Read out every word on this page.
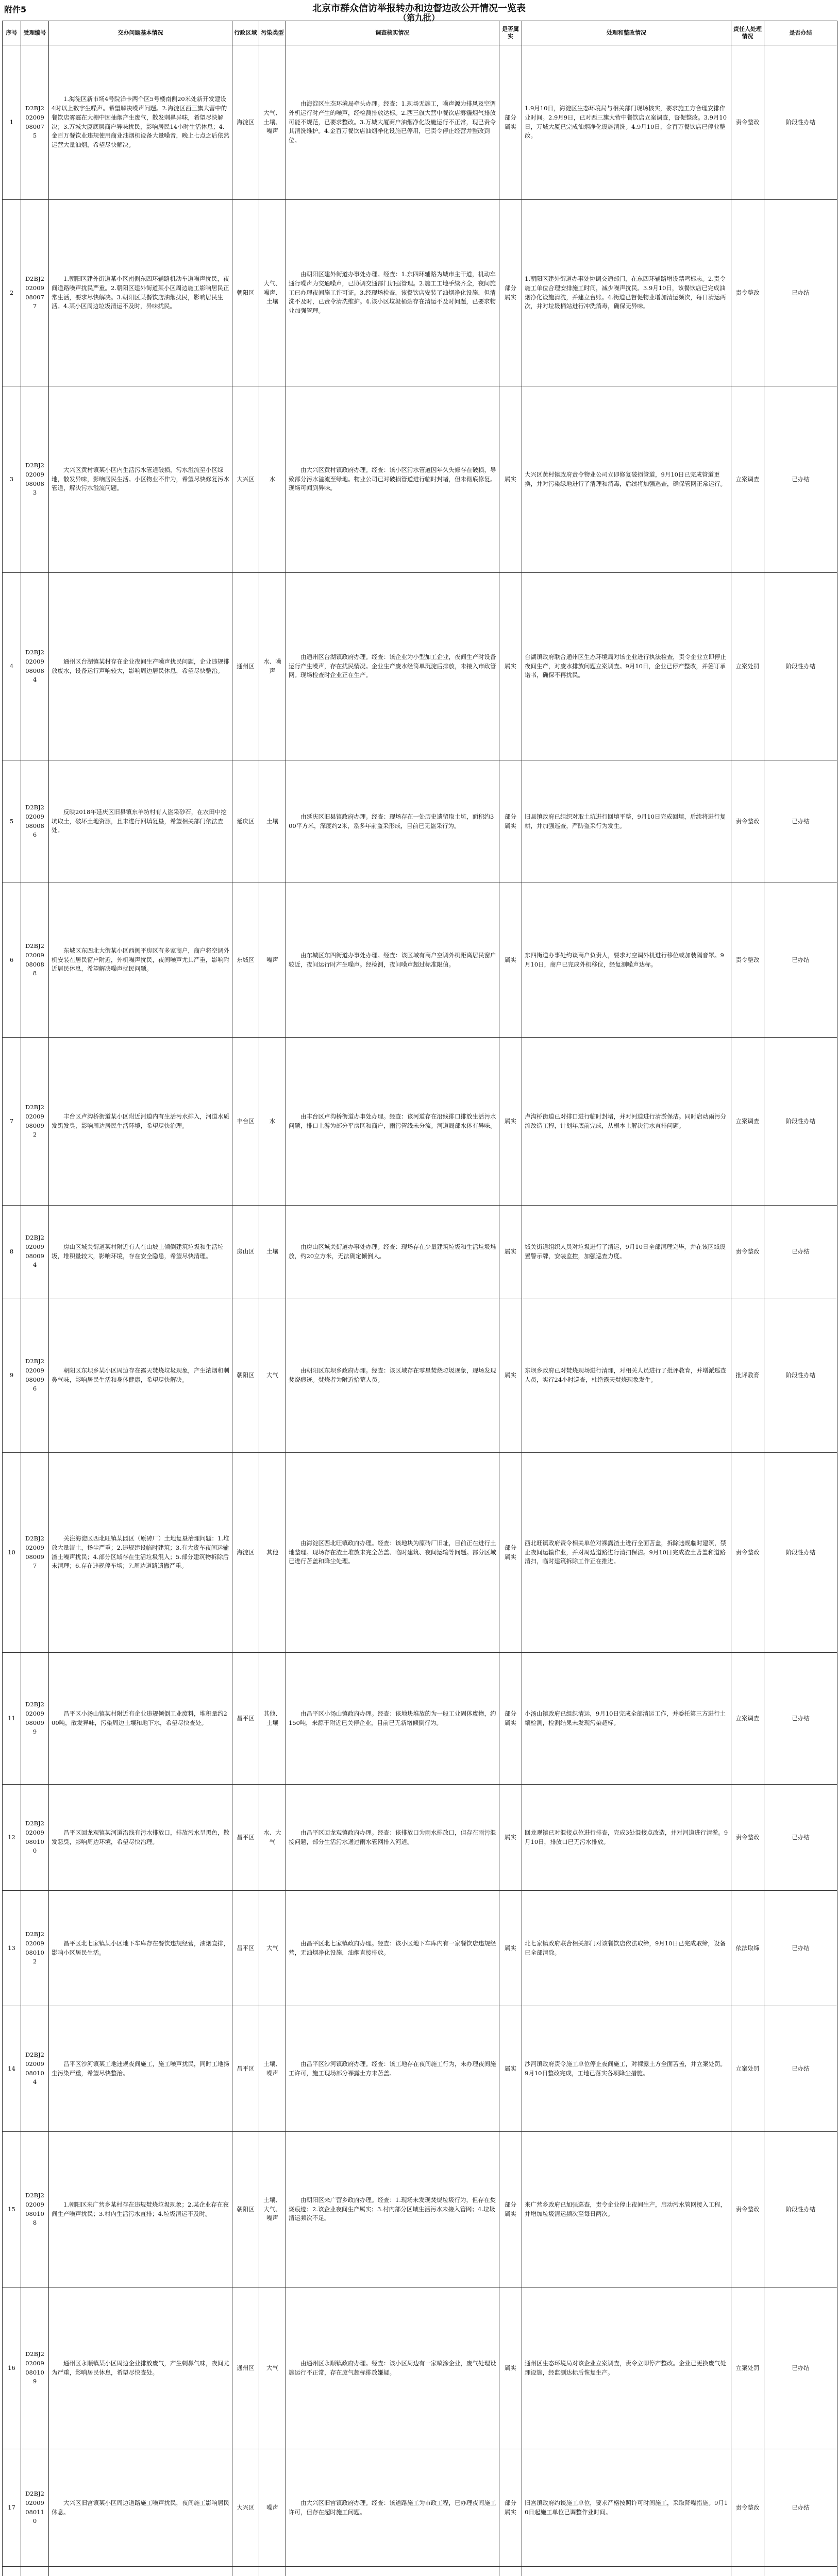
附件5	北京市群众信访举报转办和边督边改公开情况一览表
（第九批）
序号	受理编号	交办问题基本情况	行政区域	污染类型	调查核实情况	是否属实	处理和整改情况	责任人处理情况	是否办结
1	D2BJ202009080075	1.海淀区新市场4号院洋卡两个区5号楼南侧20米处新开发建设4时以上数字生噪声。希望解决噪声问题。2.海淀区西三旗大营中的餐饮店雾霾在大棚中因抽烟产生废气，散发刺鼻异味，希望尽快解决；3.万城大厦底层商户异味扰民，影响居民14小时生活休息；4.金百万餐饮业违规使用商业油烟机设备大量噪音，晚上七点之后依然运营大量油烟，希望尽快解决。	海淀区	大气、土壤、噪声	由海淀区生态环境局牵头办理。经查：1.现场无施工，噪声源为排风及空调外机运行时产生的噪声，经检测排放达标。2.西三旗大营中餐饮店雾霾烟气排放可能不规范，已要求整改。3.万城大厦商户油烟净化设施运行不正常，现已责令其清洗维护。4.金百万餐饮店油烟净化设施已停用，已责令停止经营并整改到位。	部分属实	1.9月10日，海淀区生态环境局与相关部门现场核实，要求施工方合理安排作业时间。2.9月9日，已对西三旗大营中餐饮店立案调查，督促整改。3.9月10日，万城大厦已完成油烟净化设施清洗。4.9月10日，金百万餐饮店已停业整改。	责令整改	阶段性办结
2	D2BJ202009080077	1.朝阳区建外街道某小区南侧东四环辅路机动车道噪声扰民，夜间道路噪声扰民严重。2.朝阳区建外街道某小区周边施工影响居民正常生活，要求尽快解决。3.朝阳区某餐饮店油烟扰民，影响居民生活。4.某小区周边垃圾清运不及时，异味扰民。	朝阳区	大气、噪声、土壤	由朝阳区建外街道办事处办理。经查：1.东四环辅路为城市主干道，机动车通行噪声为交通噪声，已协调交通部门加强管理。2.施工工地手续齐全，夜间施工已办理夜间施工许可证。3.经现场检查，该餐饮店安装了油烟净化设施，但清洗不及时，已责令清洗维护。4.该小区垃圾桶站存在清运不及时问题，已要求物业加强管理。	部分属实	1.朝阳区建外街道办事处协调交通部门，在东四环辅路增设禁鸣标志。2.责令施工单位合理安排施工时间，减少噪声扰民。3.9月10日，该餐饮店已完成油烟净化设施清洗，并建立台账。4.街道已督促物业增加清运频次，每日清运两次，并对垃圾桶站进行冲洗消毒，确保无异味。	责令整改	已办结
3	D2BJ202009080083	大兴区黄村镇某小区内生活污水管道破损，污水溢流至小区绿地，散发异味，影响居民生活。小区物业不作为，希望尽快修复污水管道，解决污水溢流问题。	大兴区	水	由大兴区黄村镇政府办理。经查：该小区污水管道因年久失修存在破损，导致部分污水溢流至绿地。物业公司已对破损管道进行临时封堵，但未彻底修复。现场可闻到异味。	属实	大兴区黄村镇政府责令物业公司立即修复破损管道，9月10日已完成管道更换，并对污染绿地进行了清理和消毒，后续将加强巡查，确保管网正常运行。	立案调查	已办结
4	D2BJ202009080084	通州区台湖镇某村存在企业夜间生产噪声扰民问题，企业违规排放废水，设备运行声响较大，影响周边居民休息，希望尽快整治。	通州区	水、噪声	由通州区台湖镇政府办理。经查：该企业为小型加工企业，夜间生产时设备运行产生噪声，存在扰民情况。企业生产废水经简单沉淀后排放，未接入市政管网。现场检查时企业正在生产。	属实	台湖镇政府联合通州区生态环境局对该企业进行执法检查，责令企业立即停止夜间生产，对废水排放问题立案调查。9月10日，企业已停产整改，并签订承诺书，确保不再扰民。	立案处罚	阶段性办结
5	D2BJ202009080086	反映2018年延庆区旧县镇东羊坊村有人盗采砂石，在农田中挖坑取土，破坏土地资源，且未进行回填复垦，希望相关部门依法查处。	延庆区	土壤	由延庆区旧县镇政府办理。经查：现场存在一处历史遗留取土坑，面积约300平方米，深度约2米，系多年前盗采形成，目前已无盗采行为。	部分属实	旧县镇政府已组织对取土坑进行回填平整，9月10日完成回填，后续将进行复耕，并加强巡查，严防盗采行为发生。	责令整改	已办结
6	D2BJ202009080088	东城区东四北大街某小区西侧平房区有多家商户，商户将空调外机安装在居民窗户附近，外机噪声扰民，夜间噪声尤其严重，影响附近居民休息，希望解决噪声扰民问题。	东城区	噪声	由东城区东四街道办事处办理。经查：该区域有商户空调外机距离居民窗户较近，夜间运行时产生噪声。经检测，夜间噪声超过标准限值。	属实	东四街道办事处约谈商户负责人，要求对空调外机进行移位或加装隔音罩。9月10日，商户已完成外机移位，经复测噪声达标。	责令整改	已办结
7	D2BJ202009080092	丰台区卢沟桥街道某小区附近河道内有生活污水排入，河道水质发黑发臭，影响周边居民生活环境，希望尽快治理。	丰台区	水	由丰台区卢沟桥街道办事处办理。经查：该河道存在沿线排口排放生活污水问题，排口上游为部分平房区和商户，雨污管线未分流。河道局部水体有异味。	属实	卢沟桥街道已对排口进行临时封堵，并对河道进行清淤保洁。同时启动雨污分流改造工程，计划年底前完成，从根本上解决污水直排问题。	立案调查	阶段性办结
8	D2BJ202009080094	房山区城关街道某村附近有人在山坡上倾倒建筑垃圾和生活垃圾，堆积量较大，影响环境，存在安全隐患，希望尽快清理。	房山区	土壤	由房山区城关街道办事处办理。经查：现场存在少量建筑垃圾和生活垃圾堆放，约20立方米，无法确定倾倒人。	属实	城关街道组织人员对垃圾进行了清运，9月10日全部清理完毕，并在该区域设置警示牌，安装监控，加强巡查力度。	责令整改	已办结
9	D2BJ202009080096	朝阳区东坝乡某小区周边存在露天焚烧垃圾现象，产生浓烟和刺鼻气味，影响居民生活和身体健康，希望尽快解决。	朝阳区	大气	由朝阳区东坝乡政府办理。经查：该区域存在零星焚烧垃圾现象，现场发现焚烧痕迹。焚烧者为附近拾荒人员。	属实	东坝乡政府已对焚烧现场进行清理，对相关人员进行了批评教育，并增派巡查人员，实行24小时巡查，杜绝露天焚烧现象发生。	批评教育	阶段性办结
10	D2BJ202009080097	关注海淀区西北旺镇某园区（原砖厂）土地复垦治理问题：1.堆放大量渣土，扬尘严重；2.违规建设临时建筑；3.有大货车夜间运输渣土噪声扰民；4.部分区域存在生活垃圾混入；5.部分建筑物拆除后未清理；6.存在违规停车场；7.周边道路遗撒严重。	海淀区	其他	由海淀区西北旺镇政府办理。经查：该地块为原砖厂旧址，目前正在进行土地整理。现场存在渣土堆放未完全苫盖、临时建筑、夜间运输等问题。部分区域已进行苫盖和降尘处理。	部分属实	西北旺镇政府责令相关单位对裸露渣土进行全面苫盖，拆除违规临时建筑，禁止夜间运输作业，并对周边道路进行清扫保洁。9月10日完成渣土苫盖和道路清扫，临时建筑拆除工作正在推进。	责令整改	阶段性办结
11	D2BJ202009080099	昌平区小汤山镇某村附近有企业违规倾倒工业废料，堆积量约200吨，散发异味，污染周边土壤和地下水，希望尽快查处。	昌平区	其他、土壤	由昌平区小汤山镇政府办理。经查：该地块堆放的为一般工业固体废物，约150吨，来源于附近已关停企业，目前已无新增倾倒行为。	部分属实	小汤山镇政府已组织清运，9月10日完成全部清运工作，并委托第三方进行土壤检测，检测结果未发现污染超标。	立案调查	已办结
12	D2BJ202009080100	昌平区回龙观镇某河道沿线有污水排放口，排放污水呈黑色，散发恶臭，影响周边环境，希望尽快治理。	昌平区	水、大气	由昌平区回龙观镇政府办理。经查：该排放口为雨水排放口，但存在雨污混接问题，部分生活污水通过雨水管网排入河道。	属实	回龙观镇已对混接点位进行排查，完成3处混接点改造，并对河道进行清淤。9月10日，排放口已无污水排放。	责令整改	已办结
13	D2BJ202009080102	昌平区北七家镇某小区地下车库存在餐饮违规经营，油烟直排，影响小区居民生活。	昌平区	大气	由昌平区北七家镇政府办理。经查：该小区地下车库内有一家餐饮店违规经营，无油烟净化设施，油烟直接排放。	属实	北七家镇政府联合相关部门对该餐饮店依法取缔，9月10日已完成取缔，设备已全部清除。	依法取缔	已办结
14	D2BJ202009080104	昌平区沙河镇某工地违规夜间施工，施工噪声扰民，同时工地扬尘污染严重，希望尽快整治。	昌平区	土壤、噪声	由昌平区沙河镇政府办理。经查：该工地存在夜间施工行为，未办理夜间施工许可，施工现场部分裸露土方未苫盖。	属实	沙河镇政府责令施工单位停止夜间施工，对裸露土方全面苫盖，并立案处罚。9月10日整改完成，工地已落实各项降尘措施。	立案处罚	已办结
15	D2BJ202009080108	1.朝阳区来广营乡某村存在违规焚烧垃圾现象；2.某企业存在夜间生产噪声扰民；3.村内生活污水直排；4.垃圾清运不及时。	朝阳区	土壤、大气、噪声	由朝阳区来广营乡政府办理。经查：1.现场未发现焚烧垃圾行为，但存在焚烧痕迹；2.该企业夜间生产属实；3.村内部分区域生活污水未接入管网；4.垃圾清运频次不足。	部分属实	来广营乡政府已加强巡查，责令企业停止夜间生产，启动污水管网接入工程，并增加垃圾清运频次至每日两次。	责令整改	阶段性办结
16	D2BJ202009080109	通州区永顺镇某小区周边企业排放废气，产生刺鼻气味，夜间尤为严重，影响居民休息，希望尽快查处。	通州区	大气	由通州区永顺镇政府办理。经查：该小区周边有一家喷涂企业，废气处理设施运行不正常，存在废气超标排放嫌疑。	属实	通州区生态环境局对该企业立案调查，责令立即停产整改。企业已更换废气处理设施，经监测达标后恢复生产。	立案处罚	已办结
17	D2BJ202009080110	大兴区旧宫镇某小区周边道路施工噪声扰民，夜间施工影响居民休息。	大兴区	噪声	由大兴区旧宫镇政府办理。经查：该道路施工为市政工程，已办理夜间施工许可，但存在超时施工问题。	部分属实	旧宫镇政府约谈施工单位，要求严格按照许可时间施工，采取降噪措施。9月10日起施工单位已调整作业时间。	责令整改	已办结
